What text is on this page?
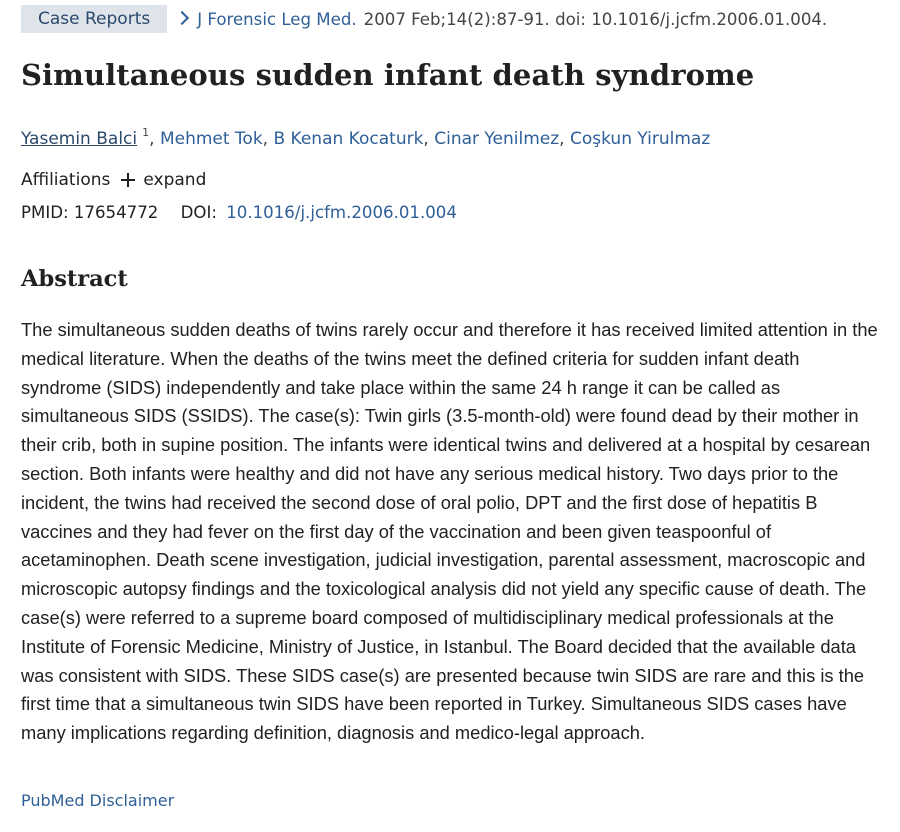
Case Reports	J Forensic Leg Med. 2007 Feb;14(2):87-91. doi: 10.1016/j.jcfm.2006.01.004.
Simultaneous sudden infant death syndrome
Yasemin Balci $^1$, Mehmet Tok, B Kenan Kocaturk, Cinar Yenilmez, Coşkun Yirulmaz
Affiliations expand
PMID: 17654772 DOI: 10.1016/j.jcfm.2006.01.004
Abstract

The simultaneous sudden deaths of twins rarely occur and therefore it has received limited attention in the medical literature. When the deaths of the twins meet the defined criteria for sudden infant death syndrome (SIDS) independently and take place within the same 24 h range it can be called as simultaneous SIDS (SSIDS). The case(s): Twin girls (3.5-month-old) were found dead by their mother in their crib, both in supine position. The infants were identical twins and delivered at a hospital by cesarean section. Both infants were healthy and did not have any serious medical history. Two days prior to the incident, the twins had received the second dose of oral polio, DPT and the first dose of hepatitis B vaccines and they had fever on the first day of the vaccination and been given teaspoonful of acetaminophen. Death scene investigation, judicial investigation, parental assessment, macroscopic and microscopic autopsy findings and the toxicological analysis did not yield any specific cause of death. The case(s) were referred to a supreme board composed of multidisciplinary medical professionals at the Institute of Forensic Medicine, Ministry of Justice, in Istanbul. The Board decided that the available data was consistent with SIDS. These SIDS case(s) are presented because twin SIDS are rare and this is the first time that a simultaneous twin SIDS have been reported in Turkey. Simultaneous SIDS cases have many implications regarding definition, diagnosis and medico-legal approach.

PubMed Disclaimer
